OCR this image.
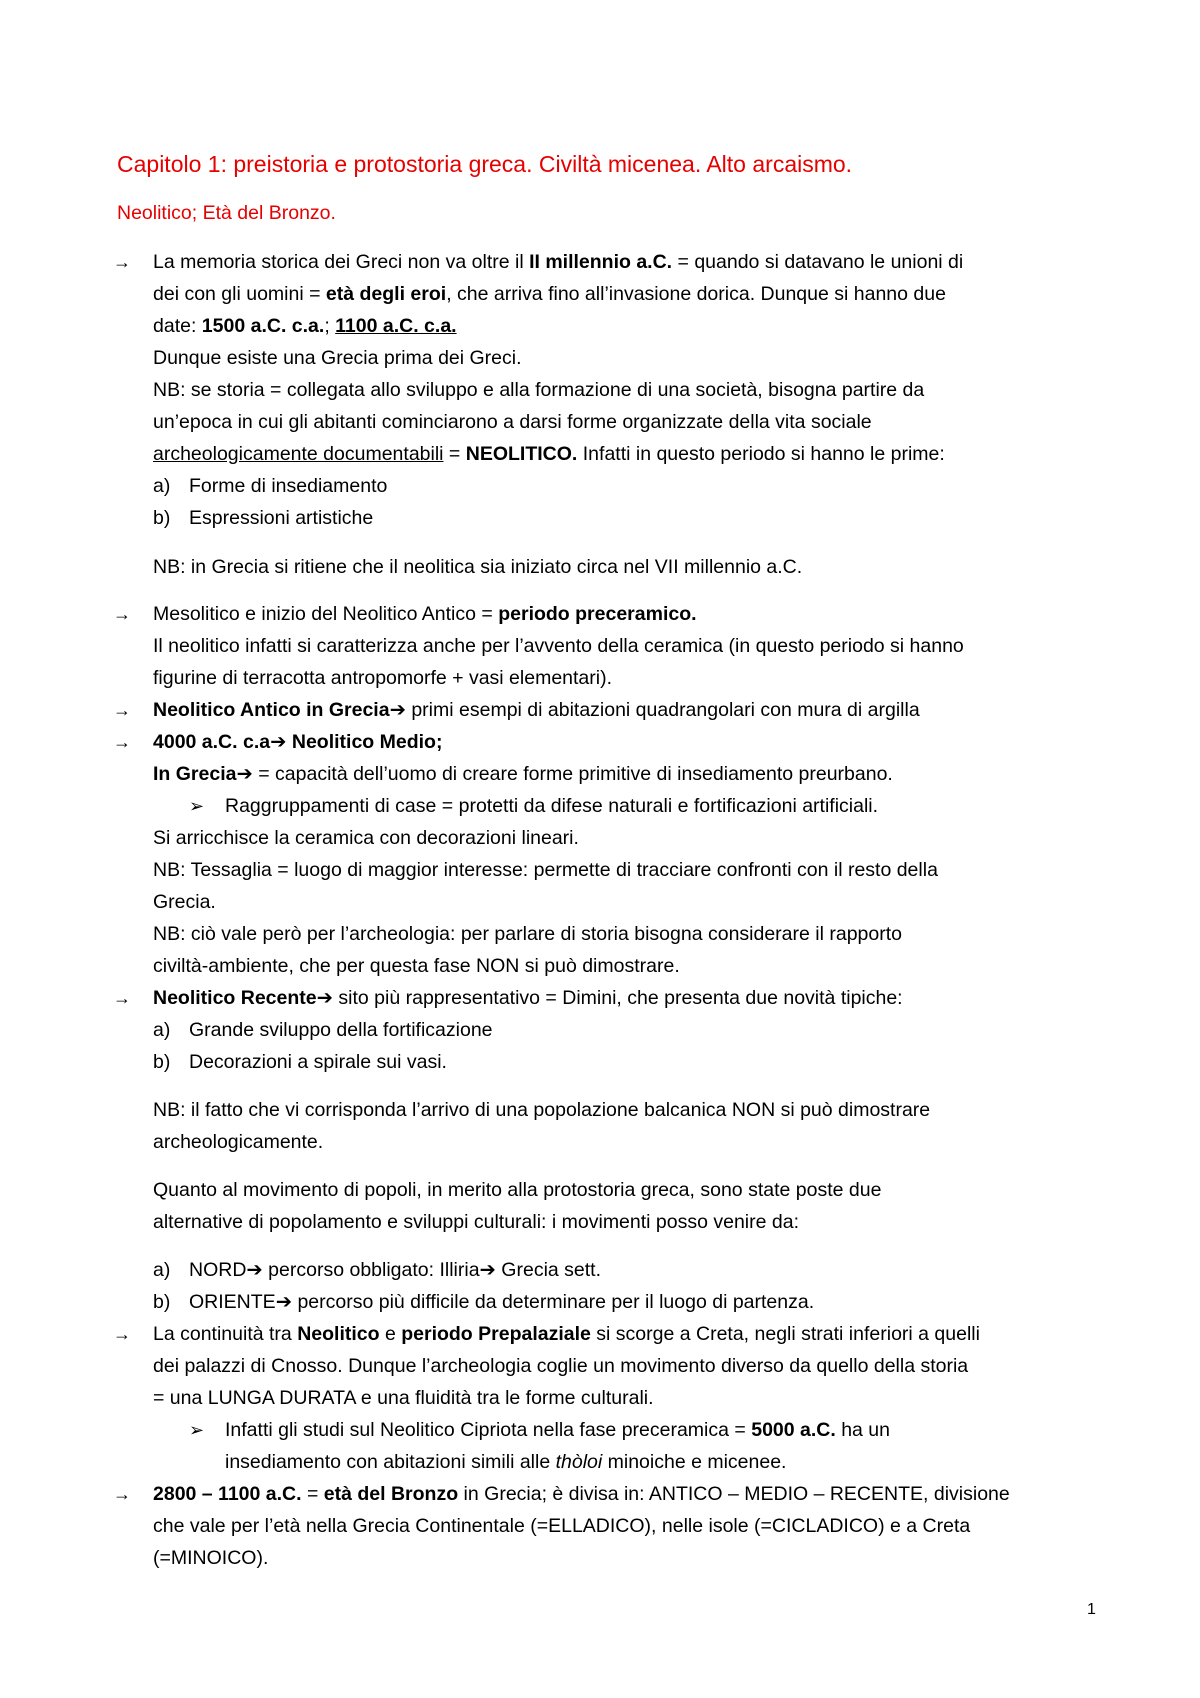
Capitolo 1: preistoria e protostoria greca. Civiltà micenea. Alto arcaismo.
Neolitico; Età del Bronzo.
→ La memoria storica dei Greci non va oltre il II millennio a.C. = quando si datavano le unioni di
dei con gli uomini = età degli eroi, che arriva fino all’invasione dorica. Dunque si hanno due
date: 1500 a.C. c.a.; 1100 a.C. c.a.
Dunque esiste una Grecia prima dei Greci.
NB: se storia = collegata allo sviluppo e alla formazione di una società, bisogna partire da
un’epoca in cui gli abitanti cominciarono a darsi forme organizzate della vita sociale
archeologicamente documentabili = NEOLITICO. Infatti in questo periodo si hanno le prime:
a) Forme di insediamento
b) Espressioni artistiche
NB: in Grecia si ritiene che il neolitica sia iniziato circa nel VII millennio a.C.
→ Mesolitico e inizio del Neolitico Antico = periodo preceramico.
Il neolitico infatti si caratterizza anche per l’avvento della ceramica (in questo periodo si hanno
figurine di terracotta antropomorfe + vasi elementari).
→ Neolitico Antico in Grecia➔ primi esempi di abitazioni quadrangolari con mura di argilla
→ 4000 a.C. c.a➔ Neolitico Medio;
In Grecia➔ = capacità dell’uomo di creare forme primitive di insediamento preurbano.
➢ Raggruppamenti di case = protetti da difese naturali e fortificazioni artificiali.
Si arricchisce la ceramica con decorazioni lineari.
NB: Tessaglia = luogo di maggior interesse: permette di tracciare confronti con il resto della
Grecia.
NB: ciò vale però per l’archeologia: per parlare di storia bisogna considerare il rapporto
civiltà-ambiente, che per questa fase NON si può dimostrare.
→ Neolitico Recente➔ sito più rappresentativo = Dimini, che presenta due novità tipiche:
a) Grande sviluppo della fortificazione
b) Decorazioni a spirale sui vasi.
NB: il fatto che vi corrisponda l’arrivo di una popolazione balcanica NON si può dimostrare
archeologicamente.
Quanto al movimento di popoli, in merito alla protostoria greca, sono state poste due
alternative di popolamento e sviluppi culturali: i movimenti posso venire da:
a) NORD➔ percorso obbligato: Illiria➔ Grecia sett.
b) ORIENTE➔ percorso più difficile da determinare per il luogo di partenza.
→ La continuità tra Neolitico e periodo Prepalaziale si scorge a Creta, negli strati inferiori a quelli
dei palazzi di Cnosso. Dunque l’archeologia coglie un movimento diverso da quello della storia
= una LUNGA DURATA e una fluidità tra le forme culturali.
➢ Infatti gli studi sul Neolitico Cipriota nella fase preceramica = 5000 a.C. ha un
insediamento con abitazioni simili alle thòloi minoiche e micenee.
→ 2800 – 1100 a.C. = età del Bronzo in Grecia; è divisa in: ANTICO – MEDIO – RECENTE, divisione
che vale per l’età nella Grecia Continentale (=ELLADICO), nelle isole (=CICLADICO) e a Creta
(=MINOICO).
1
